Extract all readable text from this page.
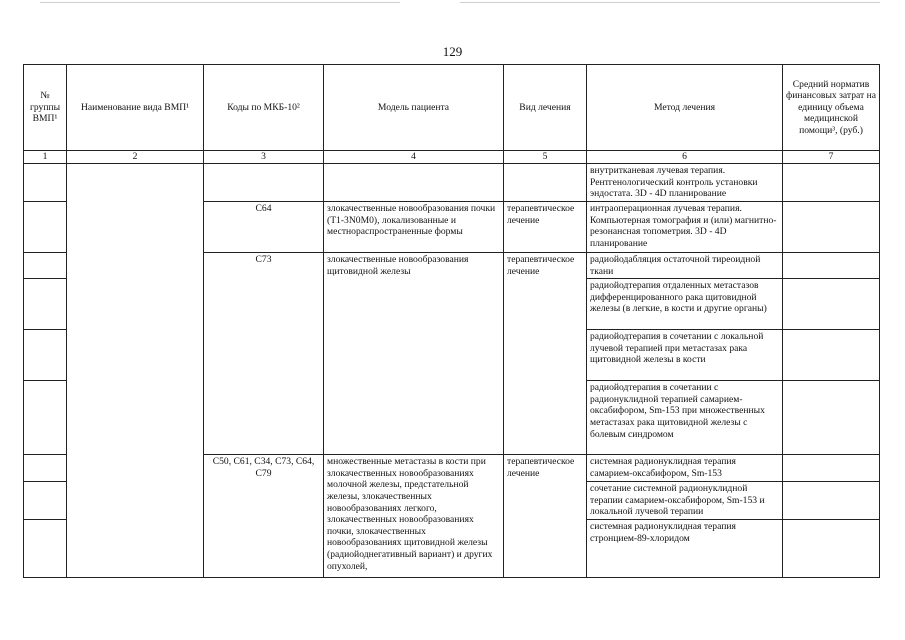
129
№ группы ВМП¹	Наименование вида ВМП¹	Коды по МКБ-10²	Модель пациента	Вид лечения	Метод лечения	Средний норматив финансовых затрат на единицу объема медицинской помощи³, (руб.)
1	2	3	4	5	6	7
					внутритканевая лучевая терапия. Рентгенологический контроль установки эндостата. 3D - 4D планирование	
		C64	злокачественные новообразования почки (T1-3N0M0), локализованные и местнораспространенные формы	терапевтическое лечение	интраоперационная лучевая терапия. Компьютерная томография и (или) магнитно-резонансная топометрия. 3D - 4D планирование	
		C73	злокачественные новообразования щитовидной железы	терапевтическое лечение	радиойодабляция остаточной тиреоидной ткани	
					радиойодтерапия отдаленных метастазов дифференцированного рака щитовидной железы (в легкие, в кости и другие органы)	
					радиойодтерапия в сочетании с локальной лучевой терапией при метастазах рака щитовидной железы в кости	
					радиойодтерапия в сочетании с радионуклидной терапией самарием-оксабифором, Sm-153 при множественных метастазах рака щитовидной железы с болевым синдромом	
		C50, C61, C34, C73, C64, C79	множественные метастазы в кости при злокачественных новообразованиях молочной железы, предстательной железы, злокачественных новообразованиях легкого, злокачественных новообразованиях почки, злокачественных новообразованиях щитовидной железы (радиойоднегативный вариант) и других опухолей,	терапевтическое лечение	системная радионуклидная терапия самарием-оксабифором, Sm-153	
					сочетание системной радионуклидной терапии самарием-оксабифором, Sm-153 и локальной лучевой терапии	
					системная радионуклидная терапия стронцием-89-хлоридом	
